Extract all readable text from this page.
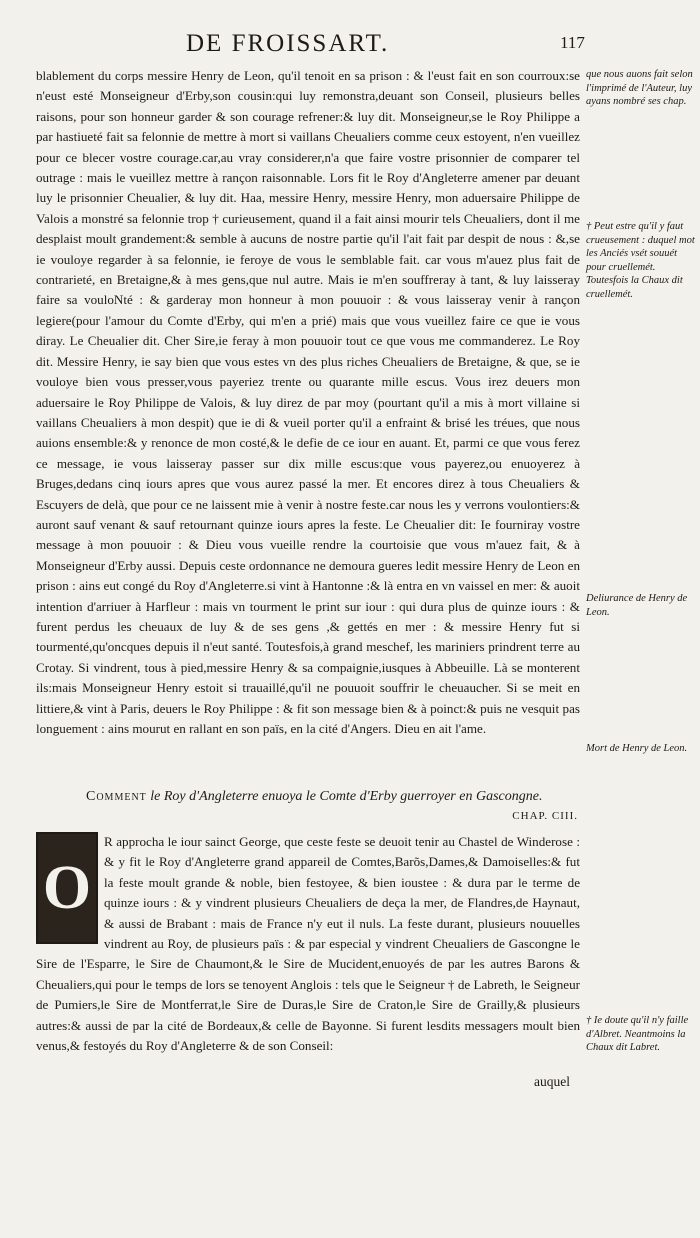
DE FROISSART.	117

blablement du corps messire Henry de Leon, qu'il tenoit en sa prison : & l'eust fait en son courroux:se n'eust esté Monseigneur d'Erby,son cousin:qui luy remonstra,deuant son Conseil, plusieurs belles raisons, pour son honneur garder & son courage refrener:& luy dit. Monseigneur,se le Roy Philippe a par hastiueté fait sa felonnie de mettre à mort si vaillans Cheualiers comme ceux estoyent, n'en vueillez pour ce blecer vostre courage.car,au vray considerer,n'a que faire vostre prisonnier de comparer tel outrage : mais le vueillez mettre à rançon raisonnable. Lors fit le Roy d'Angleterre amener par deuant luy le prisonnier Cheualier, & luy dit. Haa, messire Henry, messire Henry, mon aduersaire Philippe de Valois a monstré sa felonnie trop † curieusement, quand il a fait ainsi mourir tels Cheualiers, dont il me desplaist moult grandement:& semble à aucuns de nostre partie qu'il l'ait fait par despit de nous : &,se ie vouloye regarder à sa felonnie, ie feroye de vous le semblable fait. car vous m'auez plus fait de contrarieté, en Bretaigne,& à mes gens,que nul autre. Mais ie m'en souffreray à tant, & luy laisseray faire sa vouloNté : & garderay mon honneur à mon pouuoir : & vous laisseray venir à rançon legiere(pour l'amour du Comte d'Erby, qui m'en a prié) mais que vous vueillez faire ce que ie vous diray. Le Cheualier dit. Cher Sire,ie feray à mon pouuoir tout ce que vous me commanderez. Le Roy dit. Messire Henry, ie say bien que vous estes vn des plus riches Cheualiers de Bretaigne, & que, se ie vouloye bien vous presser,vous payeriez trente ou quarante mille escus. Vous irez deuers mon aduersaire le Roy Philippe de Valois, & luy direz de par moy (pourtant qu'il a mis à mort villaine si vaillans Cheualiers à mon despit) que ie di & vueil porter qu'il a enfraint & brisé les tréues, que nous auions ensemble:& y renonce de mon costé,& le defie de ce iour en auant. Et, parmi ce que vous ferez ce message, ie vous laisseray passer sur dix mille escus:que vous payerez,ou enuoyerez à Bruges,dedans cinq iours apres que vous aurez passé la mer. Et encores direz à tous Cheualiers & Escuyers de delà, que pour ce ne laissent mie à venir à nostre feste.car nous les y verrons voulontiers:& auront sauf venant & sauf retournant quinze iours apres la feste. Le Cheualier dit: Ie fourniray vostre message à mon pouuoir : & Dieu vous vueille rendre la courtoisie que vous m'auez fait, & à Monseigneur d'Erby aussi. Depuis ceste ordonnance ne demoura gueres ledit messire Henry de Leon en prison : ains eut congé du Roy d'Angleterre.si vint à Hantonne :& là entra en vn vaissel en mer: & auoit intention d'arriuer à Harfleur : mais vn tourment le print sur iour : qui dura plus de quinze iours : & furent perdus les cheuaux de luy & de ses gens ,& gettés en mer : & messire Henry fut si tourmenté,qu'oncques depuis il n'eut santé. Toutesfois,à grand meschef, les mariniers prindrent terre au Crotay. Si vindrent, tous à pied,messire Henry & sa compaignie,iusques à Abbeuille. Là se monterent ils:mais Monseigneur Henry estoit si trauaillé,qu'il ne pouuoit souffrir le cheuaucher. Si se meit en littiere,& vint à Paris, deuers le Roy Philippe : & fit son message bien & à poinct:& puis ne vesquit pas longuement : ains mourut en rallant en son païs, en la cité d'Angers. Dieu en ait l'ame.

Comment le Roy d'Angleterre enuoya le Comte d'Erby guerroyer en Gascongne.
CHAP. CIII.
O

R approcha le iour sainct George, que ceste feste se deuoit tenir au Chastel de Winderose : & y fit le Roy d'Angleterre grand appareil de Comtes,Barõs,Dames,& Damoiselles:& fut la feste moult grande & noble, bien festoyee, & bien ioustee : & dura par le terme de quinze iours : & y vindrent plusieurs Cheualiers de deça la mer, de Flandres,de Haynaut, & aussi de Brabant : mais de France n'y eut il nuls. La feste durant, plusieurs nouuelles vindrent au Roy, de plusieurs païs : & par especial y vindrent Cheualiers de Gascongne le Sire de l'Esparre, le Sire de Chaumont,& le Sire de Mucident,enuoyés de par les autres Barons & Cheualiers,qui pour le temps de lors se tenoyent Anglois : tels que le Seigneur † de Labreth, le Seigneur de Pumiers,le Sire de Montferrat,le Sire de Duras,le Sire de Craton,le Sire de Grailly,& plusieurs autres:& aussi de par la cité de Bordeaux,& celle de Bayonne. Si furent lesdits messagers moult bien venus,& festoyés du Roy d'Angleterre & de son Conseil:

auquel
que nous auons fait selon l'imprimé de l'Auteur, luy ayans nombré ses chap.
† Peut estre qu'il y faut crueusement : duquel mot les Anciés vsét souuét pour cruellemét. Toutesfois la Chaux dit cruellemét.
Deliurance de Henry de Leon.
Mort de Henry de Leon.
† Ie doute qu'il n'y faille d'Albret. Neantmoins la Chaux dit Labret.
